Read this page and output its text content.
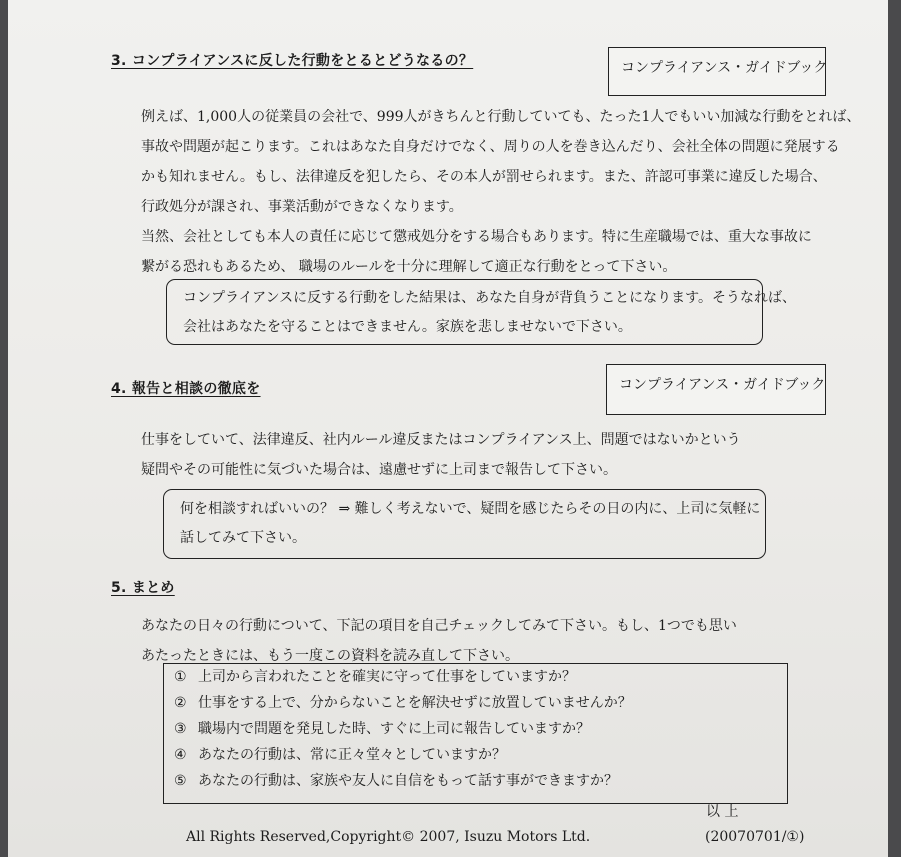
3. コンプライアンスに反した行動をとるとどうなるの？	コンプライアンス・ガイドブック
例えば、1,000人の従業員の会社で、999人がきちんと行動していても、たった1人でもいい加減な行動をとれば、
事故や問題が起こります。これはあなた自身だけでなく、周りの人を巻き込んだり、会社全体の問題に発展する
かも知れません。もし、法律違反を犯したら、その本人が罰せられます。また、許認可事業に違反した場合、
行政処分が課され、事業活動ができなくなります。
当然、会社としても本人の責任に応じて懲戒処分をする場合もあります。特に生産職場では、重大な事故に
繋がる恐れもあるため、 職場のルールを十分に理解して適正な行動をとって下さい。
コンプライアンスに反する行動をした結果は、あなた自身が背負うことになります。そうなれば、
会社はあなたを守ることはできません。家族を悲しませないで下さい。
4. 報告と相談の徹底を	コンプライアンス・ガイドブック
仕事をしていて、法律違反、社内ルール違反またはコンプライアンス上、問題ではないかという
疑問やその可能性に気づいた場合は、遠慮せずに上司まで報告して下さい。
何を相談すればいいの？ ⇒ 難しく考えないで、疑問を感じたらその日の内に、上司に気軽に
話してみて下さい。
5. まとめ
あなたの日々の行動について、下記の項目を自己チェックしてみて下さい。もし、1つでも思い
あたったときには、もう一度この資料を読み直して下さい。
① 上司から言われたことを確実に守って仕事をしていますか？
② 仕事をする上で、分からないことを解決せずに放置していませんか？
③ 職場内で問題を発見した時、すぐに上司に報告していますか？
④ あなたの行動は、常に正々堂々としていますか？
⑤ あなたの行動は、家族や友人に自信をもって話す事ができますか？
以 上
All Rights Reserved,Copyright© 2007, Isuzu Motors Ltd.	(20070701/①)
